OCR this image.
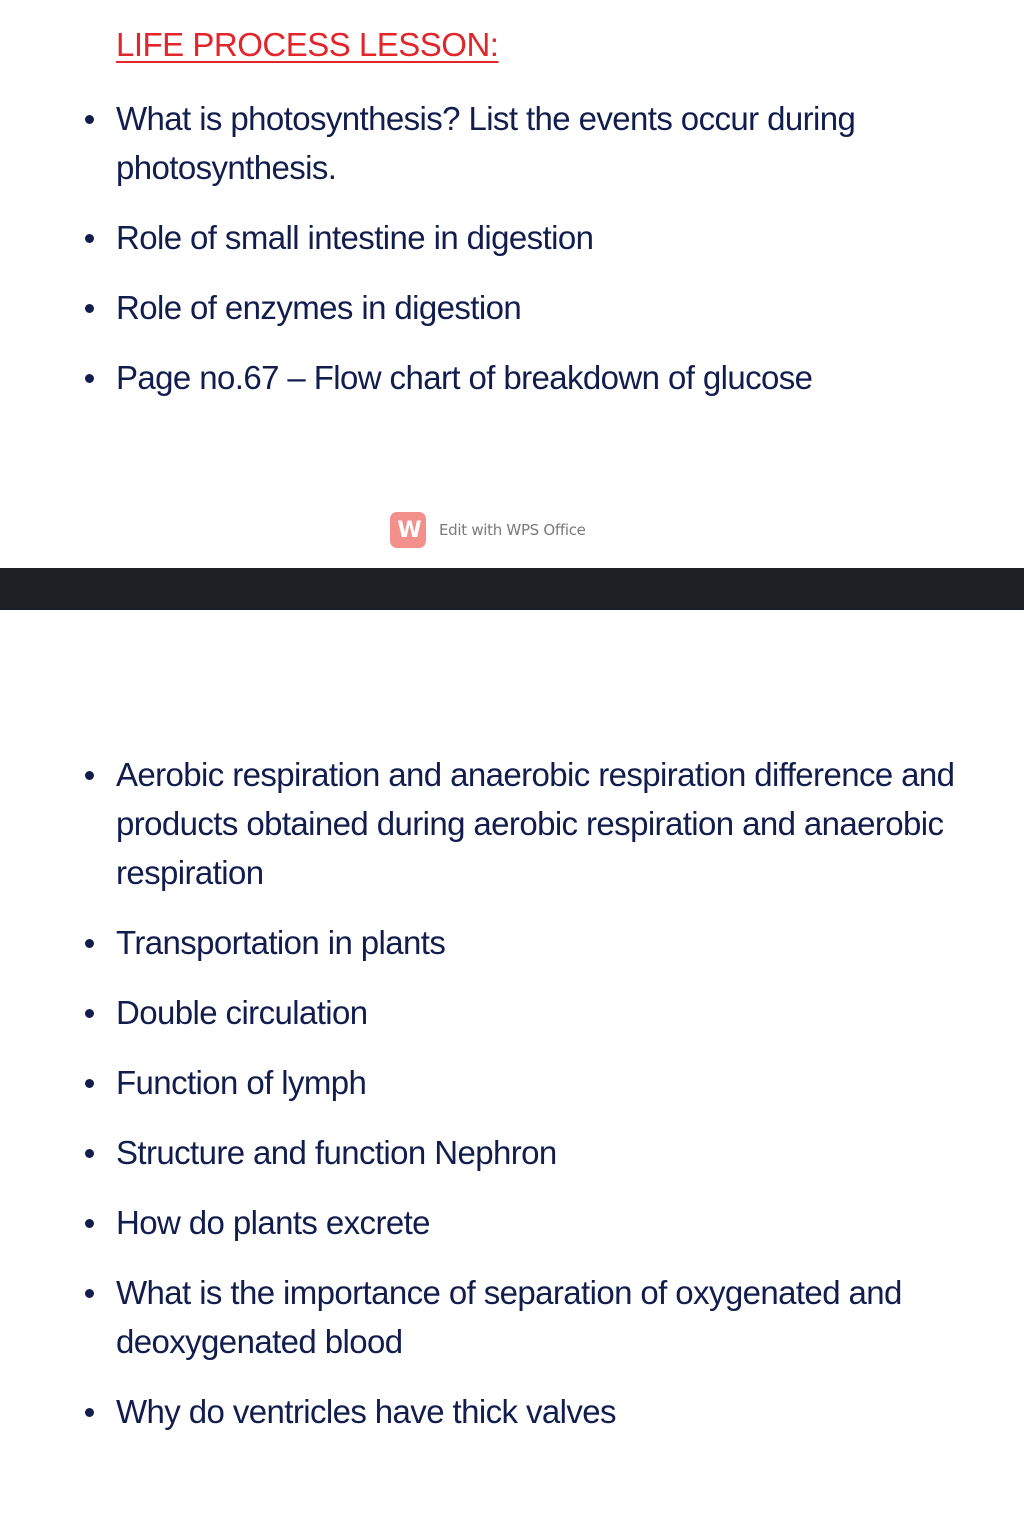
LIFE PROCESS LESSON:
What is photosynthesis? List the events occur during photosynthesis.
Role of small intestine in digestion
Role of enzymes in digestion
Page no.67 – Flow chart of breakdown of glucose
W	Edit with WPS Office
Aerobic respiration and anaerobic respiration difference and products obtained during aerobic respiration and anaerobic respiration
Transportation in plants
Double circulation
Function of lymph
Structure and function Nephron
How do plants excrete
What is the importance of separation of oxygenated and deoxygenated blood
Why do ventricles have thick valves
